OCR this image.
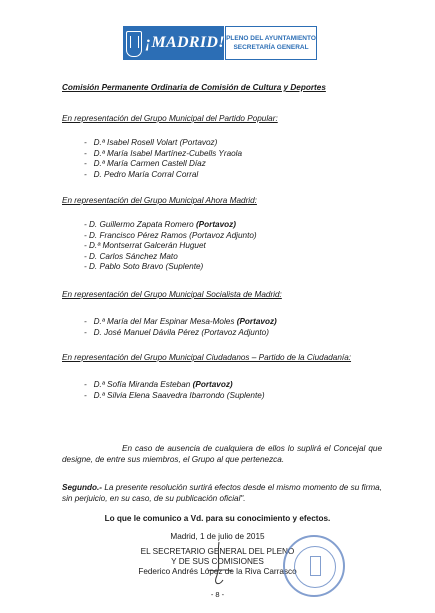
¡MADRID! PLENO DEL AYUNTAMIENTO
SECRETARÍA GENERAL
Comisión Permanente Ordinaria de Comisión de Cultura y Deportes
En representación del Grupo Municipal del Partido Popular:
-   D.ª Isabel Rosell Volart (Portavoz)
-   D.ª María Isabel Martínez-Cubells Yraola
-   D.ª María Carmen Castell Díaz
-   D. Pedro María Corral Corral
En representación del Grupo Municipal Ahora Madrid:
- D. Guillermo Zapata Romero (Portavoz)
- D. Francisco Pérez Ramos (Portavoz Adjunto)
- D.ª Montserrat Galcerán Huguet
- D. Carlos Sánchez Mato
- D. Pablo Soto Bravo (Suplente)
En representación del Grupo Municipal Socialista de Madrid:
-   D.ª María del Mar Espinar Mesa-Moles (Portavoz)
-   D. José Manuel Dávila Pérez (Portavoz Adjunto)
En representación del Grupo Municipal Ciudadanos – Partido de la Ciudadanía:
-   D.ª Sofía Miranda Esteban (Portavoz)
-   D.ª Silvia Elena Saavedra Ibarrondo (Suplente)
En caso de ausencia de cualquiera de ellos lo suplirá el Concejal que designe, de entre sus miembros, el Grupo al que pertenezca.
Segundo.- La presente resolución surtirá efectos desde el mismo momento de su firma, sin perjuicio, en su caso, de su publicación oficial".
Lo que le comunico a Vd. para su conocimiento y efectos.
Madrid, 1 de julio de 2015
EL SECRETARIO GENERAL DEL PLENO
Y DE SUS COMISIONES
Federico Andrés López de la Riva Carrasco
- 8 -
